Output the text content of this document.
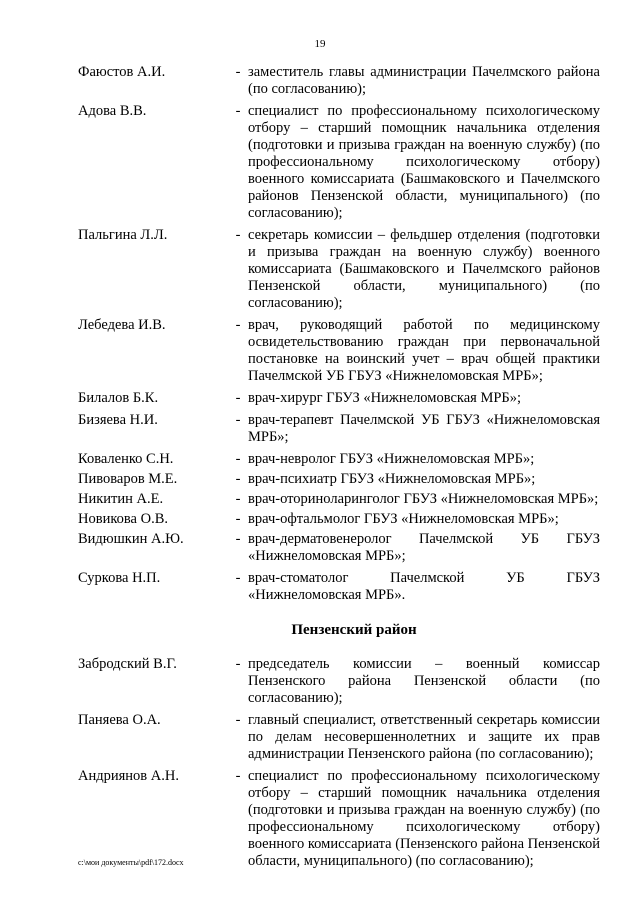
19
Фаюстов А.И.	- заместитель главы администрации Пачелмского района (по согласованию);
Адова В.В.	- специалист по профессиональному психологическому отбору – старший помощник начальника отделения (подготовки и призыва граждан на военную службу) (по профессиональному психологическому отбору) военного комиссариата (Башмаковского и Пачелмского районов Пензенской области, муниципального) (по согласованию);
Пальгина Л.Л.	- секретарь комиссии – фельдшер отделения (подготовки и призыва граждан на военную службу) военного комиссариата (Башмаковского и Пачелмского районов Пензенской области, муниципального) (по согласованию);
Лебедева И.В.	- врач, руководящий работой по медицинскому освидетельствованию граждан при первоначальной постановке на воинский учет – врач общей практики Пачелмской УБ ГБУЗ «Нижнеломовская МРБ»;
Билалов Б.К.	- врач-хирург ГБУЗ «Нижнеломовская МРБ»;
Бизяева Н.И.	- врач-терапевт Пачелмской УБ ГБУЗ «Нижнеломовская МРБ»;
Коваленко С.Н.	- врач-невролог ГБУЗ «Нижнеломовская МРБ»;
Пивоваров М.Е.	- врач-психиатр ГБУЗ «Нижнеломовская МРБ»;
Никитин А.Е.	- врач-оториноларинголог ГБУЗ «Нижнеломовская МРБ»;
Новикова О.В.	- врач-офтальмолог ГБУЗ «Нижнеломовская МРБ»;
Видюшкин А.Ю.	- врач-дерматовенеролог Пачелмской УБ ГБУЗ «Нижнеломовская МРБ»;
Суркова Н.П.	- врач-стоматолог Пачелмской УБ ГБУЗ «Нижнеломовская МРБ».
Пензенский район
Забродский В.Г.	- председатель комиссии – военный комиссар Пензенского района Пензенской области (по согласованию);
Паняева О.А.	- главный специалист, ответственный секретарь комиссии по делам несовершеннолетних и защите их прав администрации Пензенского района (по согласованию);
Андриянов А.Н.	- специалист по профессиональному психологическому отбору – старший помощник начальника отделения (подготовки и призыва граждан на военную службу) (по профессиональному психологическому отбору) военного комиссариата (Пензенского района Пензенской области, муниципального) (по согласованию);
c:\мои документы\pdf\172.docx
